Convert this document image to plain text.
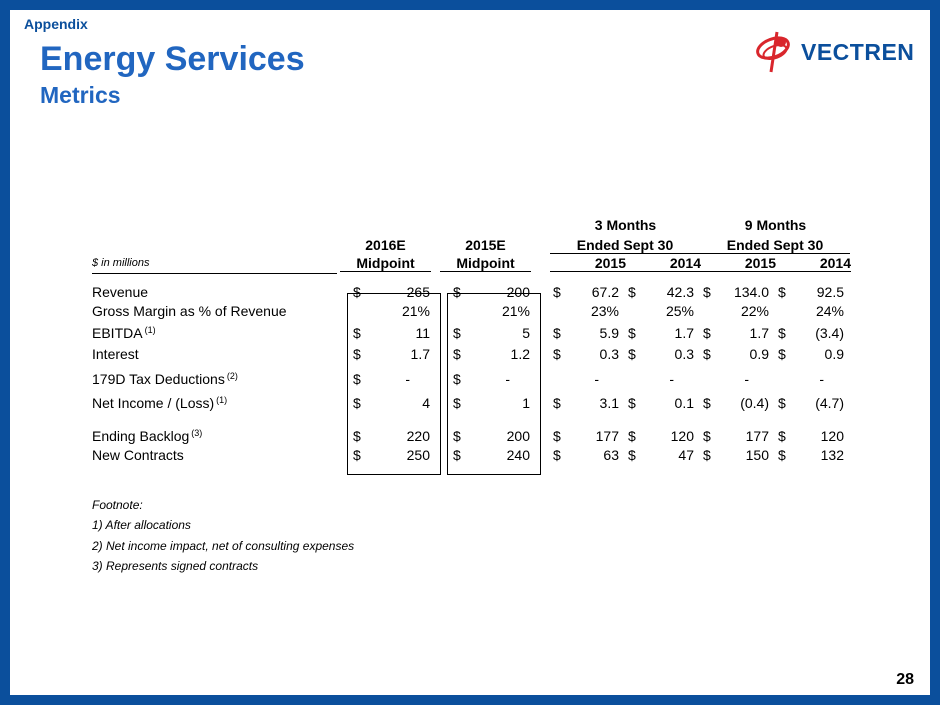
Appendix
Energy Services
Metrics
VECTREN
28
3 Months
Ended Sept 30
9 Months
Ended Sept 30
2016E	2015E
$ in millions	Midpoint	Midpoint	2015	2014	2015	2014
Revenue	$	265 $	200 $ 67.2 $ 42.3 $ 134.0 $ 92.5
Gross Margin as % of Revenue	21%	21%	23%	25%	22%	24%
EBITDA $^{(1)}$	$	11 $	5 $	5.9 $	1.7 $	1.7 $ (3.4)
Interest	$	1.7 $	1.2 $	0.3 $	0.3 $	0.9 $	0.9
179D Tax Deductions $^{(2)}$	$	-	$	-	-	-	-	-
Net Income / (Loss) $^{(1)}$	$	4 $	1 $	3.1 $	0.1 $ (0.4) $ (4.7)
Ending Backlog $^{(3)}$	$	220 $	200 $ 177 $ 120 $ 177 $ 120
New Contracts	$	250 $	240 $	63 $	47 $ 150 $ 132
Footnote:
1) After allocations
2) Net income impact, net of consulting expenses
3) Represents signed contracts
